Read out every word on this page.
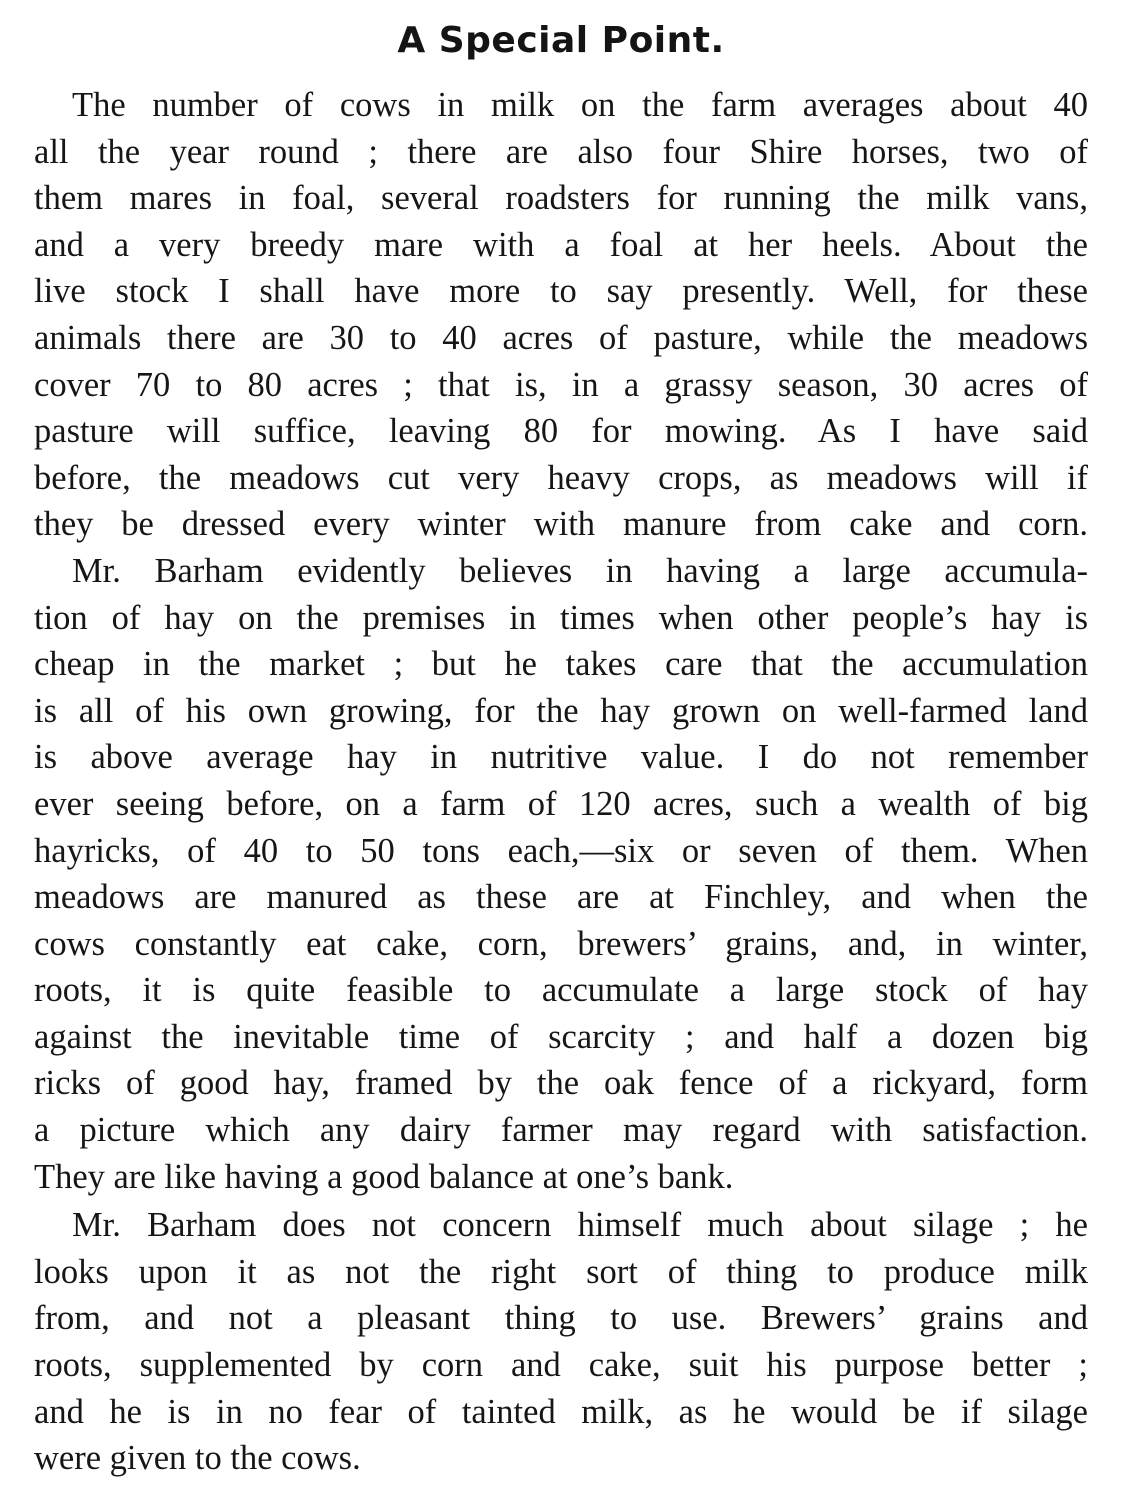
A Special Point.
The number of cows in milk on the farm averages about 40
all the year round ; there are also four Shire horses, two of
them mares in foal, several roadsters for running the milk vans,
and a very breedy mare with a foal at her heels. About the
live stock I shall have more to say presently. Well, for these
animals there are 30 to 40 acres of pasture, while the meadows
cover 70 to 80 acres ; that is, in a grassy season, 30 acres of
pasture will suffice, leaving 80 for mowing. As I have said
before, the meadows cut very heavy crops, as meadows will if
they be dressed every winter with manure from cake and corn.
Mr. Barham evidently believes in having a large accumula-
tion of hay on the premises in times when other people’s hay is
cheap in the market ; but he takes care that the accumulation
is all of his own growing, for the hay grown on well-farmed land
is above average hay in nutritive value. I do not remember
ever seeing before, on a farm of 120 acres, such a wealth of big
hayricks, of 40 to 50 tons each,—six or seven of them. When
meadows are manured as these are at Finchley, and when the
cows constantly eat cake, corn, brewers’ grains, and, in winter,
roots, it is quite feasible to accumulate a large stock of hay
against the inevitable time of scarcity ; and half a dozen big
ricks of good hay, framed by the oak fence of a rickyard, form
a picture which any dairy farmer may regard with satisfaction.
They are like having a good balance at one’s bank.
Mr. Barham does not concern himself much about silage ; he
looks upon it as not the right sort of thing to produce milk
from, and not a pleasant thing to use. Brewers’ grains and
roots, supplemented by corn and cake, suit his purpose better ;
and he is in no fear of tainted milk, as he would be if silage
were given to the cows.
